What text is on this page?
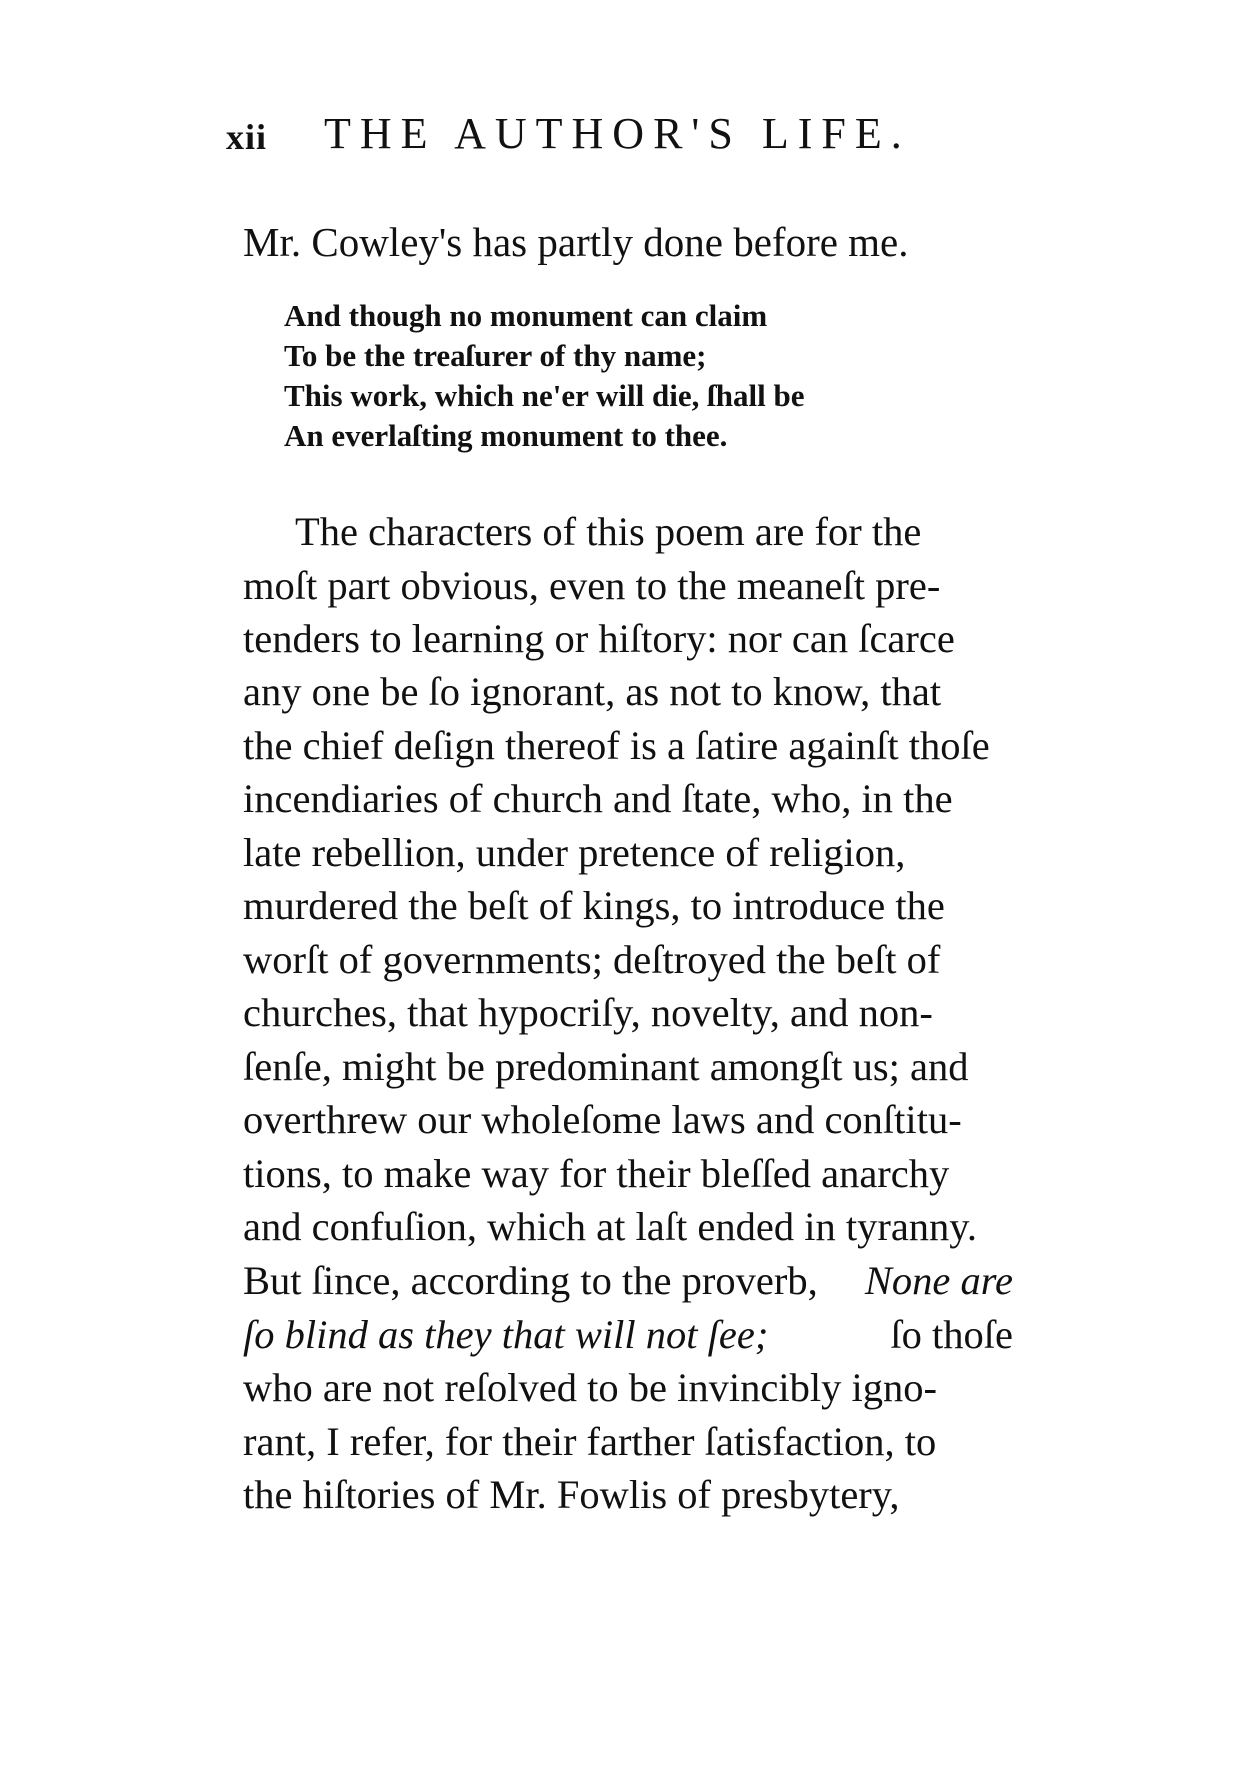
xii THE AUTHOR'S LIFE.
Mr. Cowley's has partly done before me.
And though no monument can claim
To be the treaſurer of thy name;
This work, which ne'er will die, ſhall be
An everlaſting monument to thee.
The characters of this poem are for the
moſt part obvious, even to the meaneſt pre-
tenders to learning or hiſtory: nor can ſcarce
any one be ſo ignorant, as not to know, that
the chief deſign thereof is a ſatire againſt thoſe
incendiaries of church and ſtate, who, in the
late rebellion, under pretence of religion,
murdered the beſt of kings, to introduce the
worſt of governments; deſtroyed the beſt of
churches, that hypocriſy, novelty, and non-
ſenſe, might be predominant amongſt us; and
overthrew our wholeſome laws and conſtitu-
tions, to make way for their bleſſed anarchy
and confuſion, which at laſt ended in tyranny.
But ſince, according to the proverb, None are
ſo blind as they that will not ſee;	ſo thoſe
who are not reſolved to be invincibly igno-
rant, I refer, for their farther ſatisfaction, to
the hiſtories of Mr. Fowlis of presbytery,
